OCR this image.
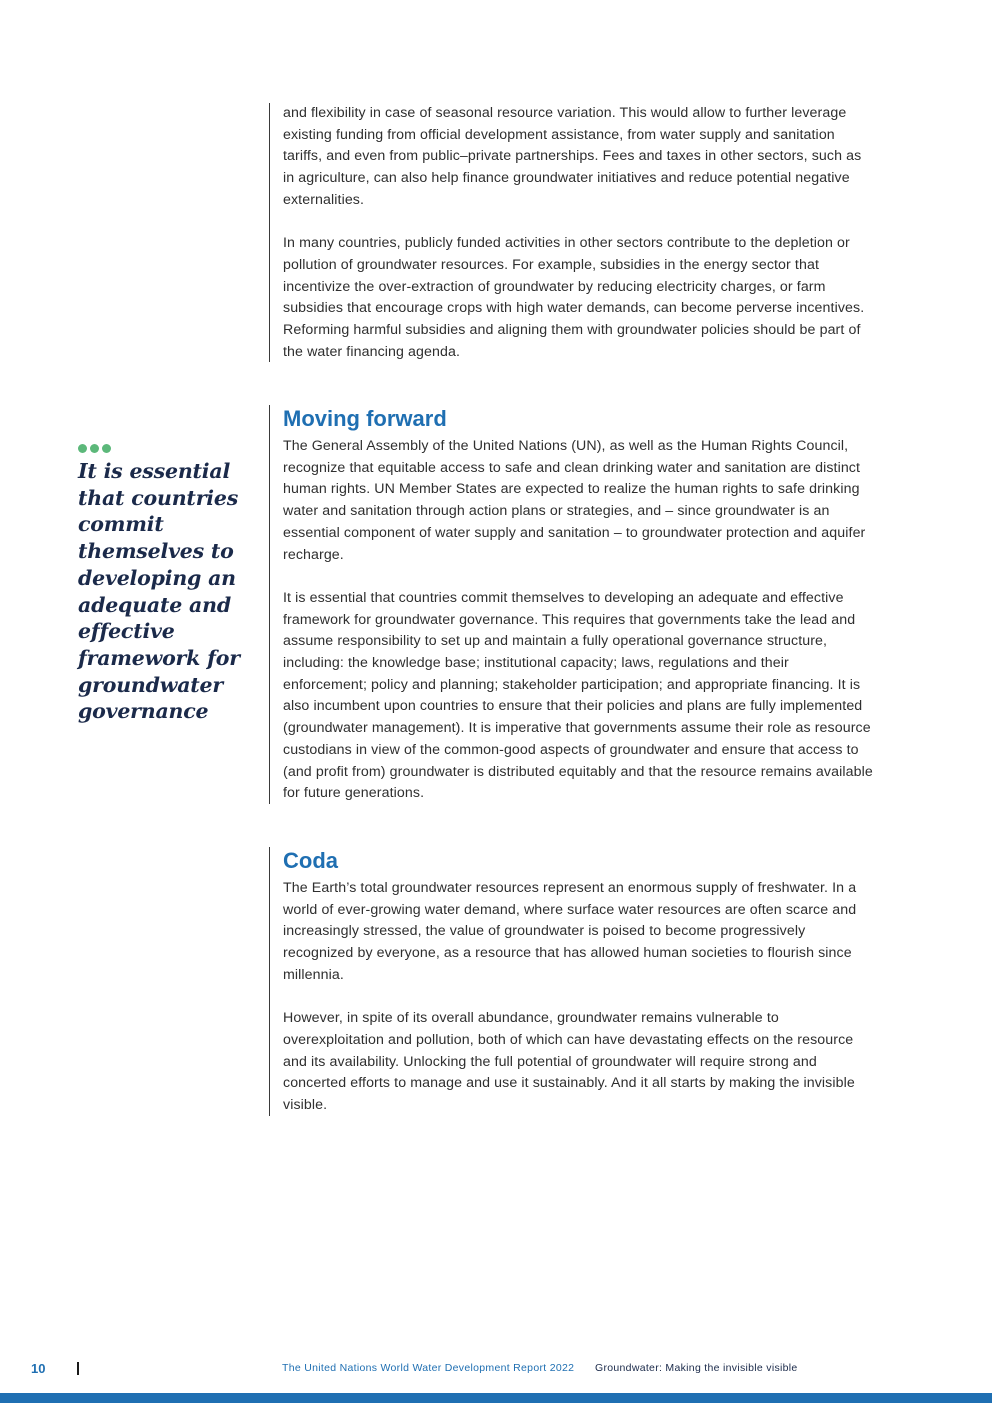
and flexibility in case of seasonal resource variation. This would allow to further leverage existing funding from official development assistance, from water supply and sanitation tariffs, and even from public–private partnerships. Fees and taxes in other sectors, such as in agriculture, can also help finance groundwater initiatives and reduce potential negative externalities.

In many countries, publicly funded activities in other sectors contribute to the depletion or pollution of groundwater resources. For example, subsidies in the energy sector that incentivize the over-extraction of groundwater by reducing electricity charges, or farm subsidies that encourage crops with high water demands, can become perverse incentives. Reforming harmful subsidies and aligning them with groundwater policies should be part of the water financing agenda.

It is essential that countries commit themselves to developing an adequate and effective framework for groundwater governance

Moving forward

The General Assembly of the United Nations (UN), as well as the Human Rights Council, recognize that equitable access to safe and clean drinking water and sanitation are distinct human rights. UN Member States are expected to realize the human rights to safe drinking water and sanitation through action plans or strategies, and – since groundwater is an essential component of water supply and sanitation – to groundwater protection and aquifer recharge.

It is essential that countries commit themselves to developing an adequate and effective framework for groundwater governance. This requires that governments take the lead and assume responsibility to set up and maintain a fully operational governance structure, including: the knowledge base; institutional capacity; laws, regulations and their enforcement; policy and planning; stakeholder participation; and appropriate financing. It is also incumbent upon countries to ensure that their policies and plans are fully implemented (groundwater management). It is imperative that governments assume their role as resource custodians in view of the common-good aspects of groundwater and ensure that access to (and profit from) groundwater is distributed equitably and that the resource remains available for future generations.

Coda

The Earth’s total groundwater resources represent an enormous supply of freshwater. In a world of ever-growing water demand, where surface water resources are often scarce and increasingly stressed, the value of groundwater is poised to become progressively recognized by everyone, as a resource that has allowed human societies to flourish since millennia.

However, in spite of its overall abundance, groundwater remains vulnerable to overexploitation and pollution, both of which can have devastating effects on the resource and its availability. Unlocking the full potential of groundwater will require strong and concerted efforts to manage and use it sustainably. And it all starts by making the invisible visible.

10	The United Nations World Water Development Report 2022 Groundwater: Making the invisible visible
